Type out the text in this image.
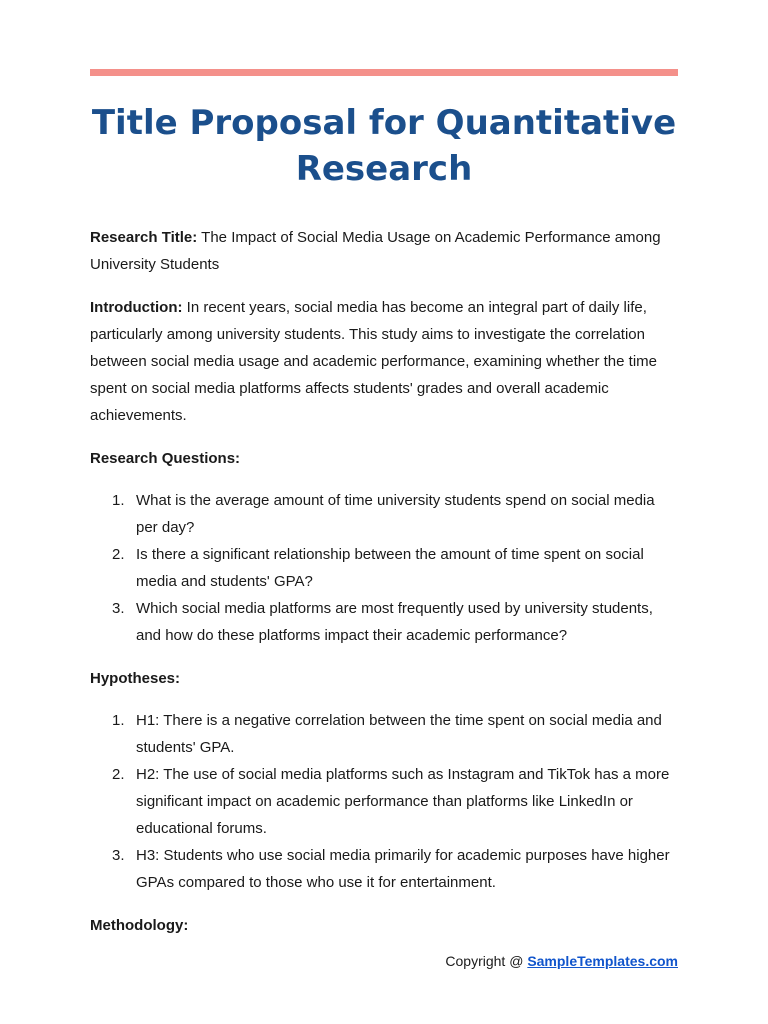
Title Proposal for Quantitative Research

Research Title: The Impact of Social Media Usage on Academic Performance among University Students

Introduction: In recent years, social media has become an integral part of daily life, particularly among university students. This study aims to investigate the correlation between social media usage and academic performance, examining whether the time spent on social media platforms affects students' grades and overall academic achievements.

Research Questions:
1. What is the average amount of time university students spend on social media per day?
2. Is there a significant relationship between the amount of time spent on social media and students' GPA?
3. Which social media platforms are most frequently used by university students, and how do these platforms impact their academic performance?
Hypotheses:
1. H1: There is a negative correlation between the time spent on social media and students' GPA.
2. H2: The use of social media platforms such as Instagram and TikTok has a more significant impact on academic performance than platforms like LinkedIn or educational forums.
3. H3: Students who use social media primarily for academic purposes have higher GPAs compared to those who use it for entertainment.
Methodology:
Copyright @ SampleTemplates.com
